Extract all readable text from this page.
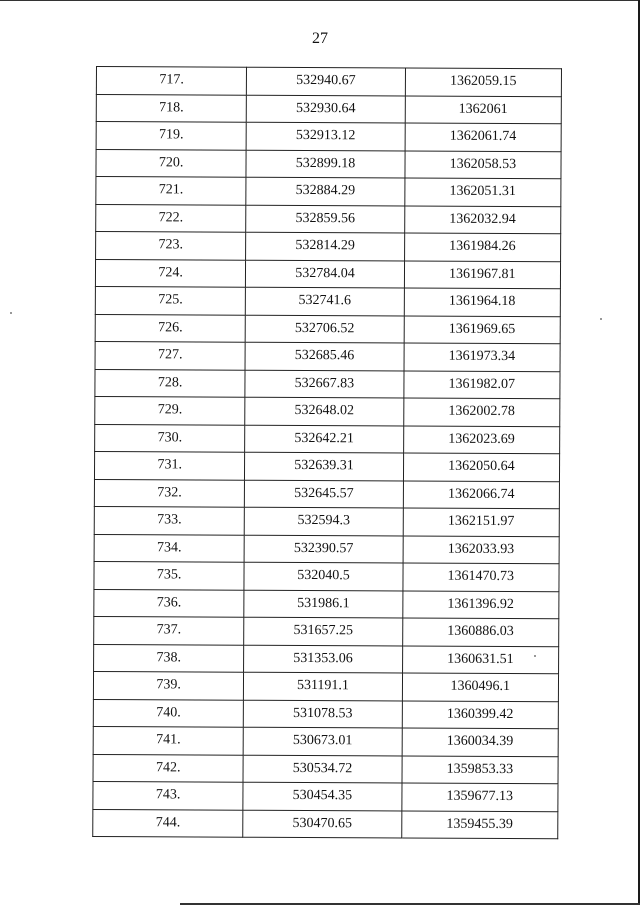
27
717.	532940.67	1362059.15
718.	532930.64	1362061
719.	532913.12	1362061.74
720.	532899.18	1362058.53
721.	532884.29	1362051.31
722.	532859.56	1362032.94
723.	532814.29	1361984.26
724.	532784.04	1361967.81
725.	532741.6	1361964.18
726.	532706.52	1361969.65
727.	532685.46	1361973.34
728.	532667.83	1361982.07
729.	532648.02	1362002.78
730.	532642.21	1362023.69
731.	532639.31	1362050.64
732.	532645.57	1362066.74
733.	532594.3	1362151.97
734.	532390.57	1362033.93
735.	532040.5	1361470.73
736.	531986.1	1361396.92
737.	531657.25	1360886.03
738.	531353.06	1360631.51
739.	531191.1	1360496.1
740.	531078.53	1360399.42
741.	530673.01	1360034.39
742.	530534.72	1359853.33
743.	530454.35	1359677.13
744.	530470.65	1359455.39
